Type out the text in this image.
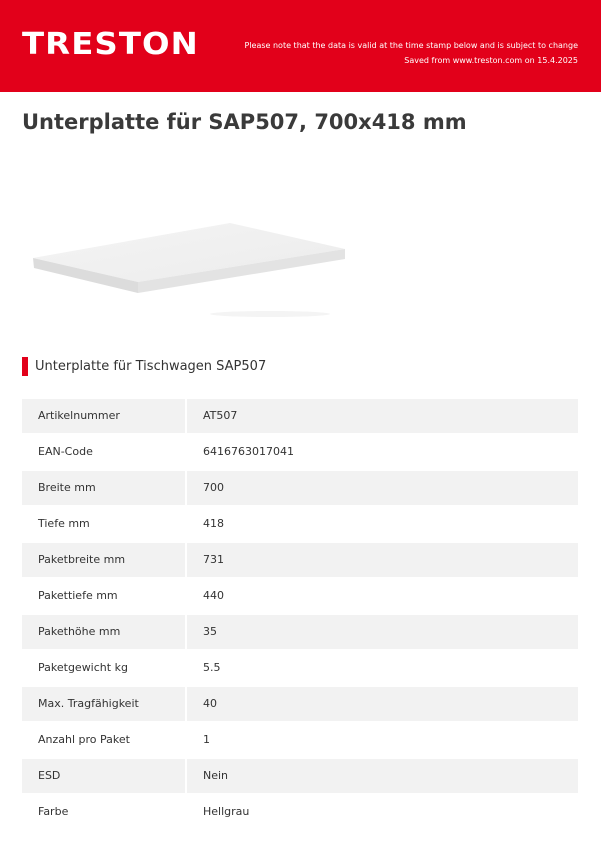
TRESTON	Please note that the data is valid at the time stamp below and is subject to change
Saved from www.treston.com on 15.4.2025
Unterplatte für SAP507, 700x418 mm
Unterplatte für Tischwagen SAP507
Artikelnummer	AT507
EAN-Code	6416763017041
Breite mm	700
Tiefe mm	418
Paketbreite mm	731
Pakettiefe mm	440
Pakethöhe mm	35
Paketgewicht kg	5.5
Max. Tragfähigkeit	40
Anzahl pro Paket	1
ESD	Nein
Farbe	Hellgrau
